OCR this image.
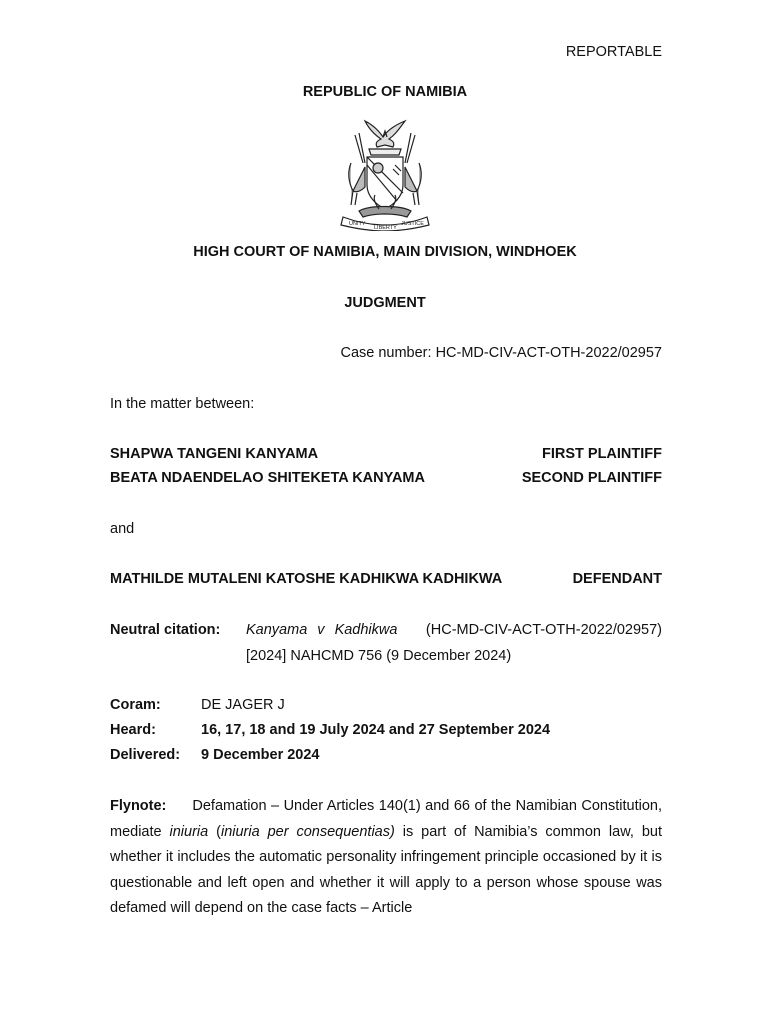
REPORTABLE
REPUBLIC OF NAMIBIA
UNITY
LIBERTY
JUSTICE
HIGH COURT OF NAMIBIA, MAIN DIVISION, WINDHOEK
JUDGMENT
Case number: HC-MD-CIV-ACT-OTH-2022/02957
In the matter between:
SHAPWA TANGENI KANYAMA	FIRST PLAINTIFF
BEATA NDAENDELAO SHITEKETA KANYAMA	SECOND PLAINTIFF
and
MATHILDE MUTALENI KATOSHE KADHIKWA KADHIKWA	DEFENDANT
Neutral citation: Kanyama v Kadhikwa (HC-MD-CIV-ACT-OTH-2022/02957)
[2024] NAHCMD 756 (9 December 2024)
Coram:	DE JAGER J
Heard:	16, 17, 18 and 19 July 2024 and 27 September 2024
Delivered: 9 December 2024
Flynote: Defamation – Under Articles 140(1) and 66 of the Namibian Constitution, mediate iniuria (iniuria per consequentias) is part of Namibia’s common law, but whether it includes the automatic personality infringement principle occasioned by it is questionable and left open and whether it will apply to a person whose spouse was defamed will depend on the case facts – Article
